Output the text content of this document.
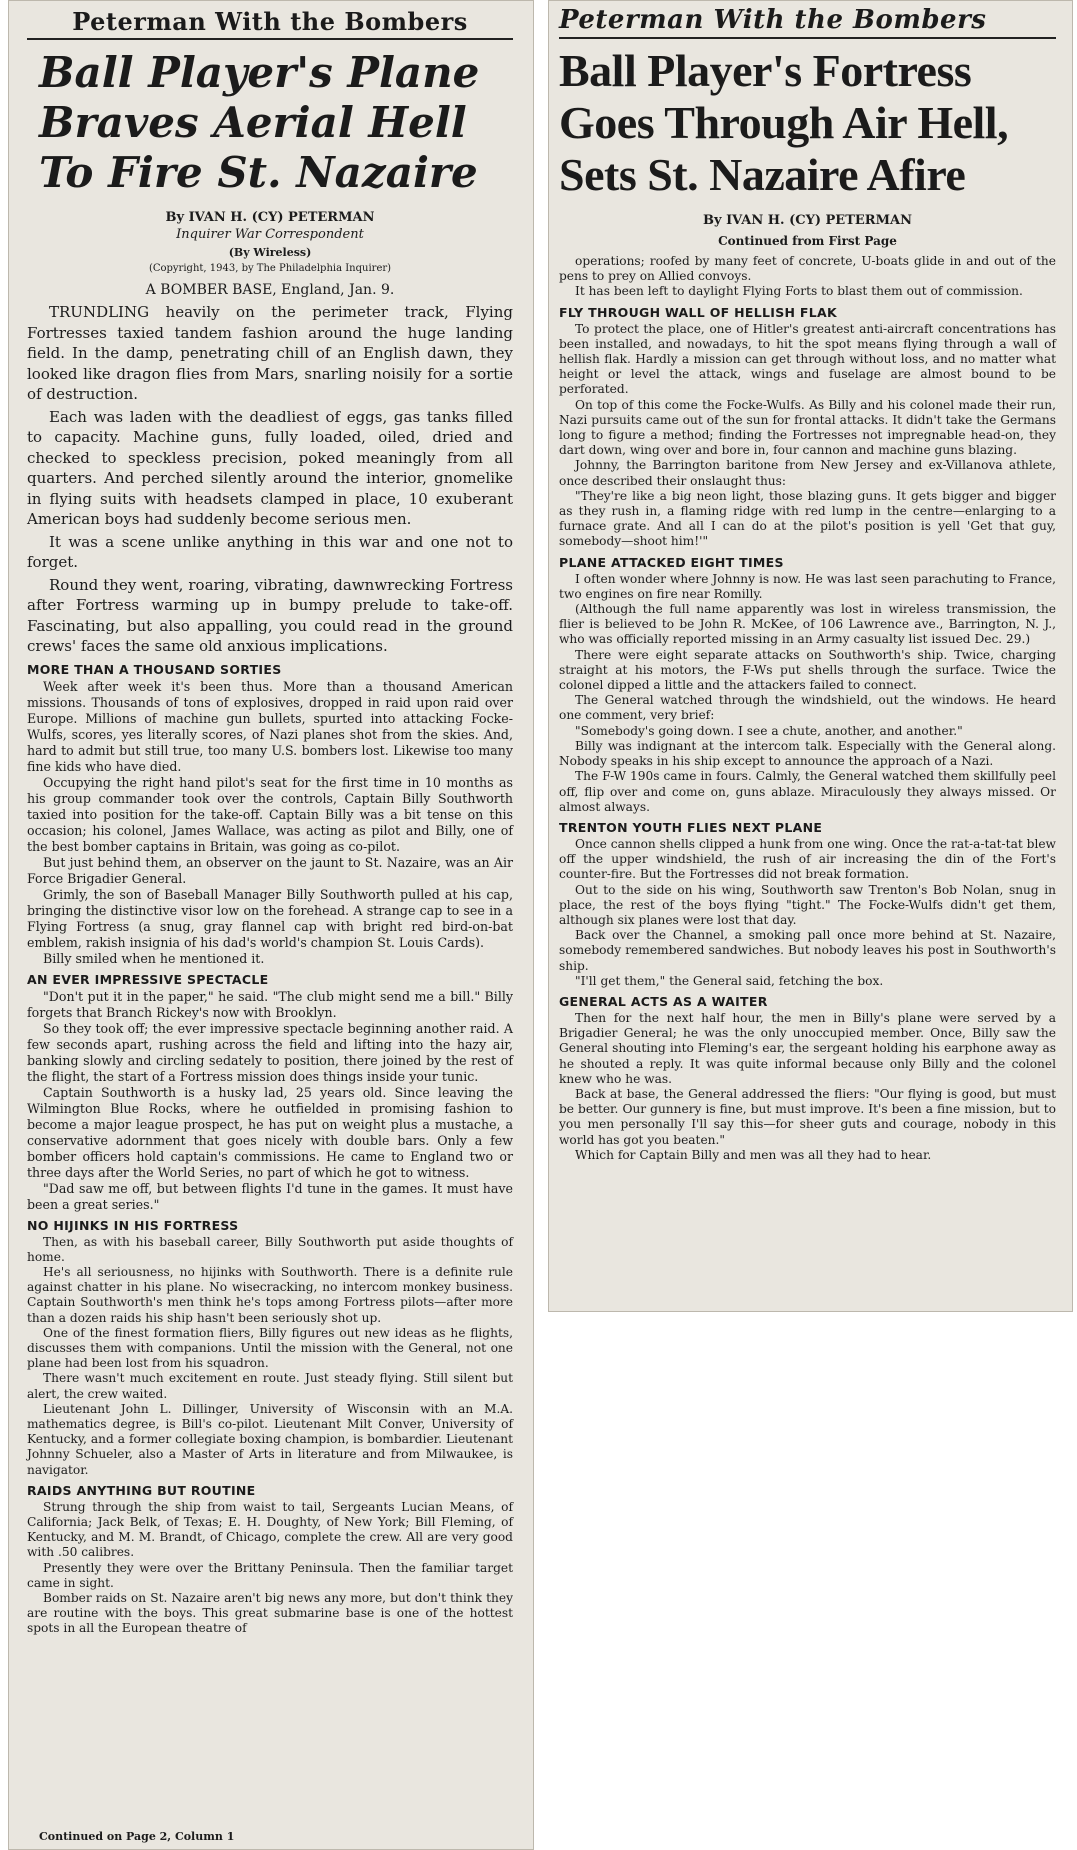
Peterman With the Bombers
Ball Player's Plane Braves Aerial Hell To Fire St. Nazaire
By IVAN H. (CY) PETERMAN
Inquirer War Correspondent
(By Wireless)
(Copyright, 1943, by The Philadelphia Inquirer)
A BOMBER BASE, England, Jan. 9.

TRUNDLING heavily on the perimeter track, Flying Fortresses taxied tandem fashion around the huge landing field. In the damp, penetrating chill of an English dawn, they looked like dragon flies from Mars, snarling noisily for a sortie of destruction.

Each was laden with the deadliest of eggs, gas tanks filled to capacity. Machine guns, fully loaded, oiled, dried and checked to speckless precision, poked meaningly from all quarters. And perched silently around the interior, gnomelike in flying suits with headsets clamped in place, 10 exuberant American boys had suddenly become serious men.

It was a scene unlike anything in this war and one not to forget.

Round they went, roaring, vibrating, dawnwrecking Fortress after Fortress warming up in bumpy prelude to take-off. Fascinating, but also appalling, you could read in the ground crews' faces the same old anxious implications.

MORE THAN A THOUSAND SORTIES

Week after week it's been thus. More than a thousand American missions. Thousands of tons of explosives, dropped in raid upon raid over Europe. Millions of machine gun bullets, spurted into attacking Focke-Wulfs, scores, yes literally scores, of Nazi planes shot from the skies. And, hard to admit but still true, too many U.S. bombers lost. Likewise too many fine kids who have died.

Occupying the right hand pilot's seat for the first time in 10 months as his group commander took over the controls, Captain Billy Southworth taxied into position for the take-off. Captain Billy was a bit tense on this occasion; his colonel, James Wallace, was acting as pilot and Billy, one of the best bomber captains in Britain, was going as co-pilot.

But just behind them, an observer on the jaunt to St. Nazaire, was an Air Force Brigadier General.

Grimly, the son of Baseball Manager Billy Southworth pulled at his cap, bringing the distinctive visor low on the forehead. A strange cap to see in a Flying Fortress (a snug, gray flannel cap with bright red bird-on-bat emblem, rakish insignia of his dad's world's champion St. Louis Cards).

Billy smiled when he mentioned it.

AN EVER IMPRESSIVE SPECTACLE

"Don't put it in the paper," he said. "The club might send me a bill." Billy forgets that Branch Rickey's now with Brooklyn.

So they took off; the ever impressive spectacle beginning another raid. A few seconds apart, rushing across the field and lifting into the hazy air, banking slowly and circling sedately to position, there joined by the rest of the flight, the start of a Fortress mission does things inside your tunic.

Captain Southworth is a husky lad, 25 years old. Since leaving the Wilmington Blue Rocks, where he outfielded in promising fashion to become a major league prospect, he has put on weight plus a mustache, a conservative adornment that goes nicely with double bars. Only a few bomber officers hold captain's commissions. He came to England two or three days after the World Series, no part of which he got to witness.

"Dad saw me off, but between flights I'd tune in the games. It must have been a great series."

NO HIJINKS IN HIS FORTRESS

Then, as with his baseball career, Billy Southworth put aside thoughts of home.

He's all seriousness, no hijinks with Southworth. There is a definite rule against chatter in his plane. No wisecracking, no intercom monkey business. Captain Southworth's men think he's tops among Fortress pilots—after more than a dozen raids his ship hasn't been seriously shot up.

One of the finest formation fliers, Billy figures out new ideas as he flights, discusses them with companions. Until the mission with the General, not one plane had been lost from his squadron.

There wasn't much excitement en route. Just steady flying. Still silent but alert, the crew waited.

Lieutenant John L. Dillinger, University of Wisconsin with an M.A. mathematics degree, is Bill's co-pilot. Lieutenant Milt Conver, University of Kentucky, and a former collegiate boxing champion, is bombardier. Lieutenant Johnny Schueler, also a Master of Arts in literature and from Milwaukee, is navigator.

RAIDS ANYTHING BUT ROUTINE

Strung through the ship from waist to tail, Sergeants Lucian Means, of California; Jack Belk, of Texas; E. H. Doughty, of New York; Bill Fleming, of Kentucky, and M. M. Brandt, of Chicago, complete the crew. All are very good with .50 calibres.

Presently they were over the Brittany Peninsula. Then the familiar target came in sight.

Bomber raids on St. Nazaire aren't big news any more, but don't think they are routine with the boys. This great submarine base is one of the hottest spots in all the European theatre of

Continued on Page 2, Column 1
Peterman With the Bombers
Ball Player's Fortress Goes Through Air Hell, Sets St. Nazaire Afire
By IVAN H. (CY) PETERMAN
Continued from First Page

operations; roofed by many feet of concrete, U-boats glide in and out of the pens to prey on Allied convoys.

It has been left to daylight Flying Forts to blast them out of commission.

FLY THROUGH WALL OF HELLISH FLAK

To protect the place, one of Hitler's greatest anti-aircraft concentrations has been installed, and nowadays, to hit the spot means flying through a wall of hellish flak. Hardly a mission can get through without loss, and no matter what height or level the attack, wings and fuselage are almost bound to be perforated.

On top of this come the Focke-Wulfs. As Billy and his colonel made their run, Nazi pursuits came out of the sun for frontal attacks. It didn't take the Germans long to figure a method; finding the Fortresses not impregnable head-on, they dart down, wing over and bore in, four cannon and machine guns blazing.

Johnny, the Barrington baritone from New Jersey and ex-Villanova athlete, once described their onslaught thus:

"They're like a big neon light, those blazing guns. It gets bigger and bigger as they rush in, a flaming ridge with red lump in the centre—enlarging to a furnace grate. And all I can do at the pilot's position is yell 'Get that guy, somebody—shoot him!'"

PLANE ATTACKED EIGHT TIMES

I often wonder where Johnny is now. He was last seen parachuting to France, two engines on fire near Romilly.

(Although the full name apparently was lost in wireless transmission, the flier is believed to be John R. McKee, of 106 Lawrence ave., Barrington, N. J., who was officially reported missing in an Army casualty list issued Dec. 29.)

There were eight separate attacks on Southworth's ship. Twice, charging straight at his motors, the F-Ws put shells through the surface. Twice the colonel dipped a little and the attackers failed to connect.

The General watched through the windshield, out the windows. He heard one comment, very brief:

"Somebody's going down. I see a chute, another, and another."

Billy was indignant at the intercom talk. Especially with the General along. Nobody speaks in his ship except to announce the approach of a Nazi.

The F-W 190s came in fours. Calmly, the General watched them skillfully peel off, flip over and come on, guns ablaze. Miraculously they always missed. Or almost always.

TRENTON YOUTH FLIES NEXT PLANE

Once cannon shells clipped a hunk from one wing. Once the rat-a-tat-tat blew off the upper windshield, the rush of air increasing the din of the Fort's counter-fire. But the Fortresses did not break formation.

Out to the side on his wing, Southworth saw Trenton's Bob Nolan, snug in place, the rest of the boys flying "tight." The Focke-Wulfs didn't get them, although six planes were lost that day.

Back over the Channel, a smoking pall once more behind at St. Nazaire, somebody remembered sandwiches. But nobody leaves his post in Southworth's ship.

"I'll get them," the General said, fetching the box.

GENERAL ACTS AS A WAITER

Then for the next half hour, the men in Billy's plane were served by a Brigadier General; he was the only unoccupied member. Once, Billy saw the General shouting into Fleming's ear, the sergeant holding his earphone away as he shouted a reply. It was quite informal because only Billy and the colonel knew who he was.

Back at base, the General addressed the fliers: "Our flying is good, but must be better. Our gunnery is fine, but must improve. It's been a fine mission, but to you men personally I'll say this—for sheer guts and courage, nobody in this world has got you beaten."

Which for Captain Billy and men was all they had to hear.
